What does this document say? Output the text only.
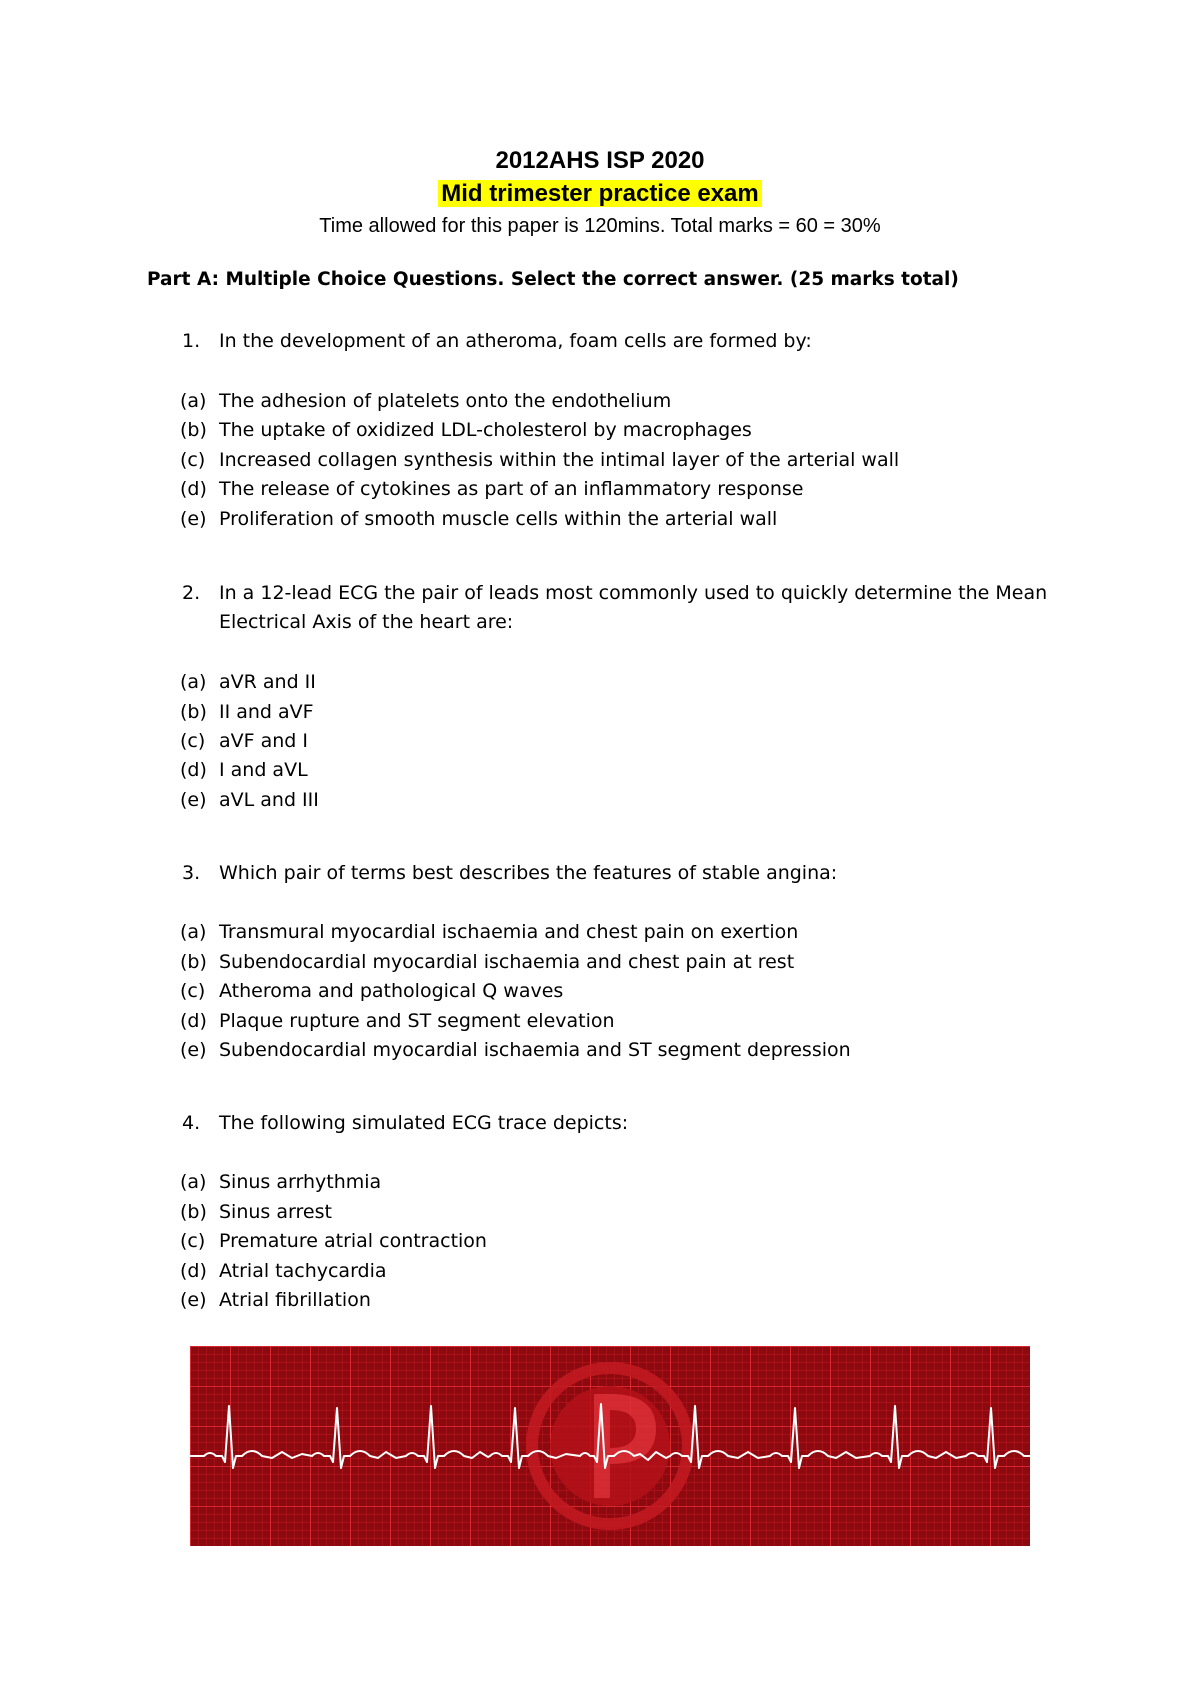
2012AHS ISP 2020
Mid trimester practice exam
Time allowed for this paper is 120mins. Total marks = 60 = 30%
Part A: Multiple Choice Questions. Select the correct answer. (25 marks total)
1. In the development of an atheroma, foam cells are formed by:
(a) The adhesion of platelets onto the endothelium
(b) The uptake of oxidized LDL-cholesterol by macrophages
(c) Increased collagen synthesis within the intimal layer of the arterial wall
(d) The release of cytokines as part of an inflammatory response
(e) Proliferation of smooth muscle cells within the arterial wall
2. In a 12-lead ECG the pair of leads most commonly used to quickly determine the Mean
Electrical Axis of the heart are:
(a) aVR and II
(b) II and aVF
(c) aVF and I
(d) I and aVL
(e) aVL and III
3. Which pair of terms best describes the features of stable angina:
(a) Transmural myocardial ischaemia and chest pain on exertion
(b) Subendocardial myocardial ischaemia and chest pain at rest
(c) Atheroma and pathological Q waves
(d) Plaque rupture and ST segment elevation
(e) Subendocardial myocardial ischaemia and ST segment depression
4. The following simulated ECG trace depicts:
(a) Sinus arrhythmia
(b) Sinus arrest
(c) Premature atrial contraction
(d) Atrial tachycardia
(e) Atrial fibrillation
